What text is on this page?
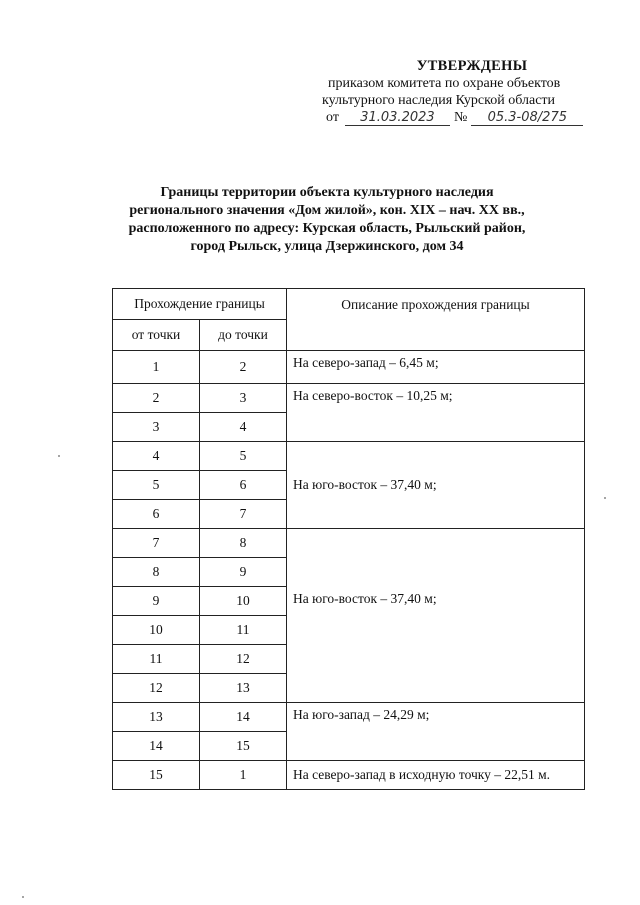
УТВЕРЖДЕНЫ
приказом комитета по охране объектов
культурного наследия Курской области
от	31.03.2023	№	05.3-08/275
Границы территории объекта культурного наследия
регионального значения «Дом жилой», кон. XIX – нач. XX вв.,
расположенного по адресу: Курская область, Рыльский район,
город Рыльск, улица Дзержинского, дом 34
Прохождение границы		Описание прохождения границы
от точки	до точки	
1	2	На северо-запад – 6,45 м;
2	3	На северо-восток – 10,25 м;
3	4	
4	5	На юго-восток – 37,40 м;
5	6	
6	7	
7	8	На юго-восток – 37,40 м;
8	9	
9	10	
10	11	
11	12	
12	13	
13	14	На юго-запад – 24,29 м;
14	15	
15	1	На северо-запад в исходную точку – 22,51 м.
